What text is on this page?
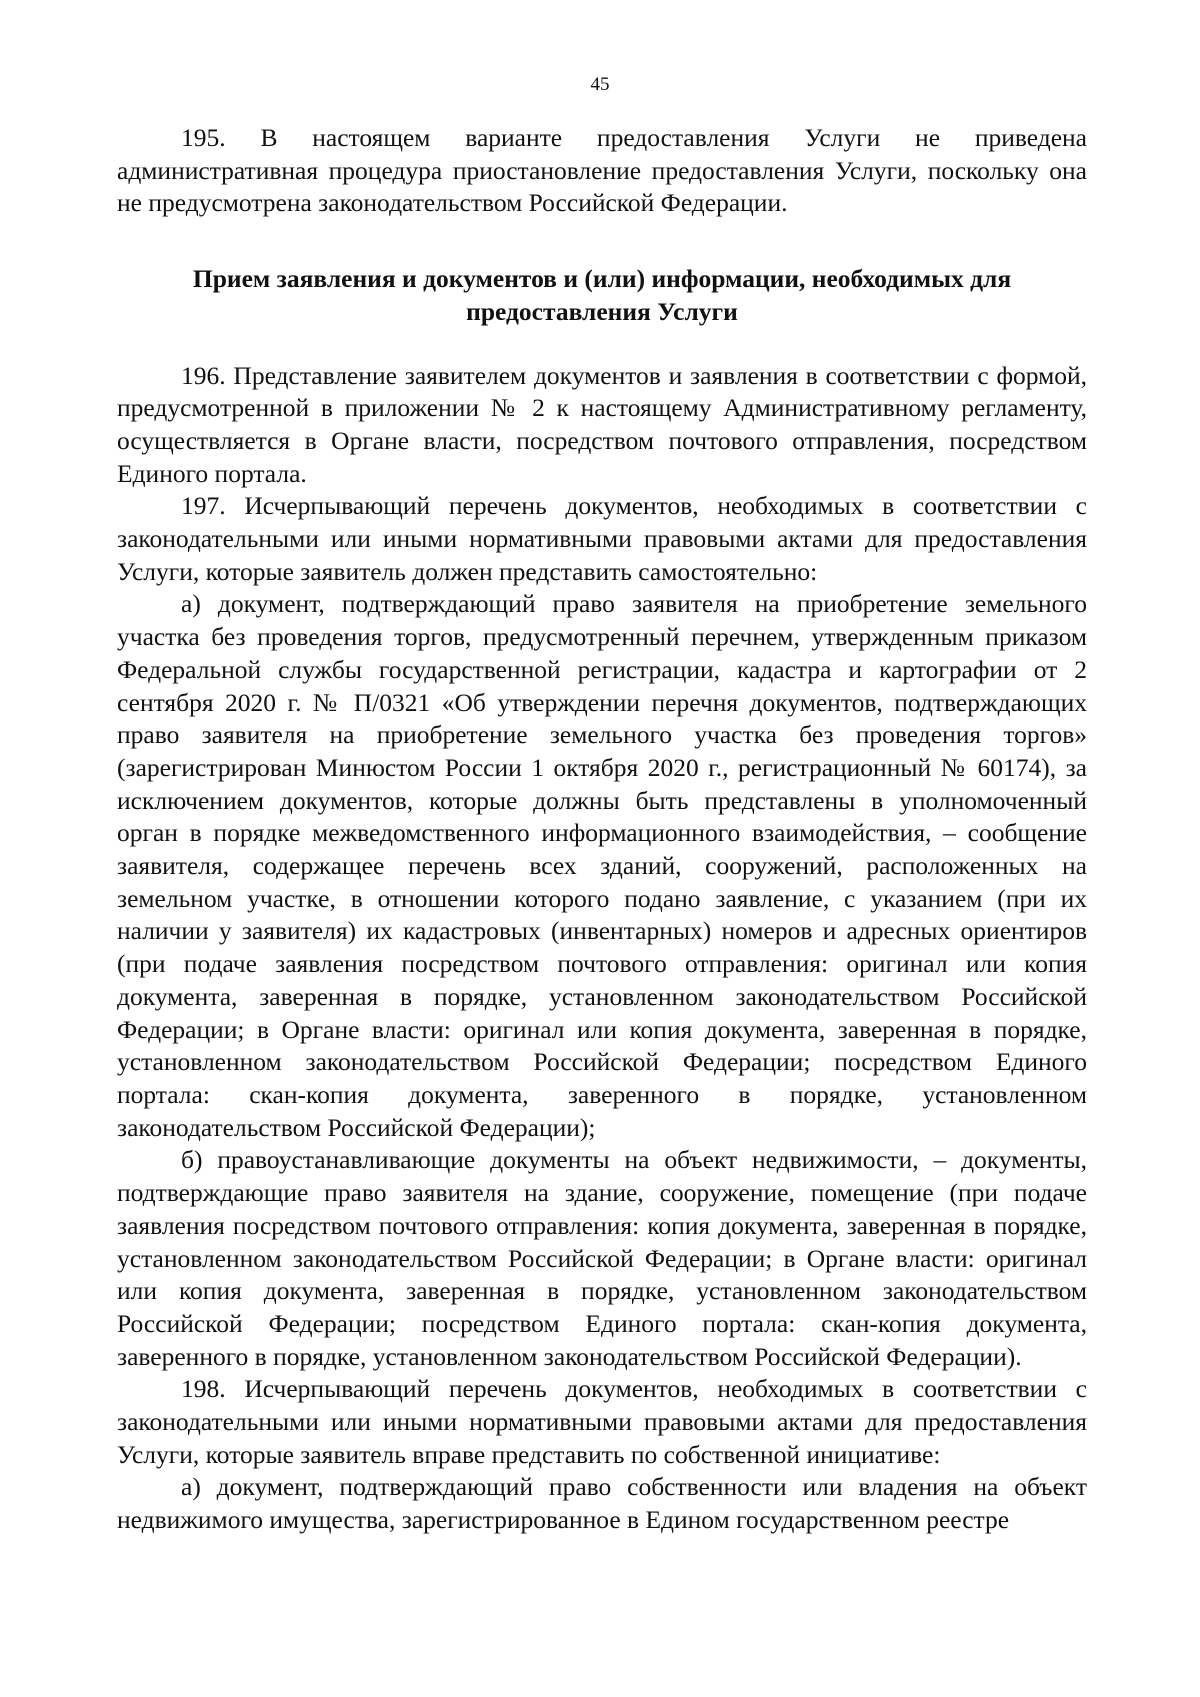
45

195. В настоящем варианте предоставления Услуги не приведена административная процедура приостановление предоставления Услуги, поскольку она не предусмотрена законодательством Российской Федерации.

Прием заявления и документов и (или) информации, необходимых для предоставления Услуги

196. Представление заявителем документов и заявления в соответствии с формой, предусмотренной в приложении № 2 к настоящему Административному регламенту, осуществляется в Органе власти, посредством почтового отправления, посредством Единого портала.

197. Исчерпывающий перечень документов, необходимых в соответствии с законодательными или иными нормативными правовыми актами для предоставления Услуги, которые заявитель должен представить самостоятельно:

а) документ, подтверждающий право заявителя на приобретение земельного участка без проведения торгов, предусмотренный перечнем, утвержденным приказом Федеральной службы государственной регистрации, кадастра и картографии от 2 сентября 2020 г. № П/0321 «Об утверждении перечня документов, подтверждающих право заявителя на приобретение земельного участка без проведения торгов» (зарегистрирован Минюстом России 1 октября 2020 г., регистрационный № 60174), за исключением документов, которые должны быть представлены в уполномоченный орган в порядке межведомственного информационного взаимодействия, – сообщение заявителя, содержащее перечень всех зданий, сооружений, расположенных на земельном участке, в отношении которого подано заявление, с указанием (при их наличии у заявителя) их кадастровых (инвентарных) номеров и адресных ориентиров (при подаче заявления посредством почтового отправления: оригинал или копия документа, заверенная в порядке, установленном законодательством Российской Федерации; в Органе власти: оригинал или копия документа, заверенная в порядке, установленном законодательством Российской Федерации; посредством Единого портала: скан-копия документа, заверенного в порядке, установленном законодательством Российской Федерации);

б) правоустанавливающие документы на объект недвижимости, – документы, подтверждающие право заявителя на здание, сооружение, помещение (при подаче заявления посредством почтового отправления: копия документа, заверенная в порядке, установленном законодательством Российской Федерации; в Органе власти: оригинал или копия документа, заверенная в порядке, установленном законодательством Российской Федерации; посредством Единого портала: скан-копия документа, заверенного в порядке, установленном законодательством Российской Федерации).

198. Исчерпывающий перечень документов, необходимых в соответствии с законодательными или иными нормативными правовыми актами для предоставления Услуги, которые заявитель вправе представить по собственной инициативе:

а) документ, подтверждающий право собственности или владения на объект недвижимого имущества, зарегистрированное в Едином государственном реестре
